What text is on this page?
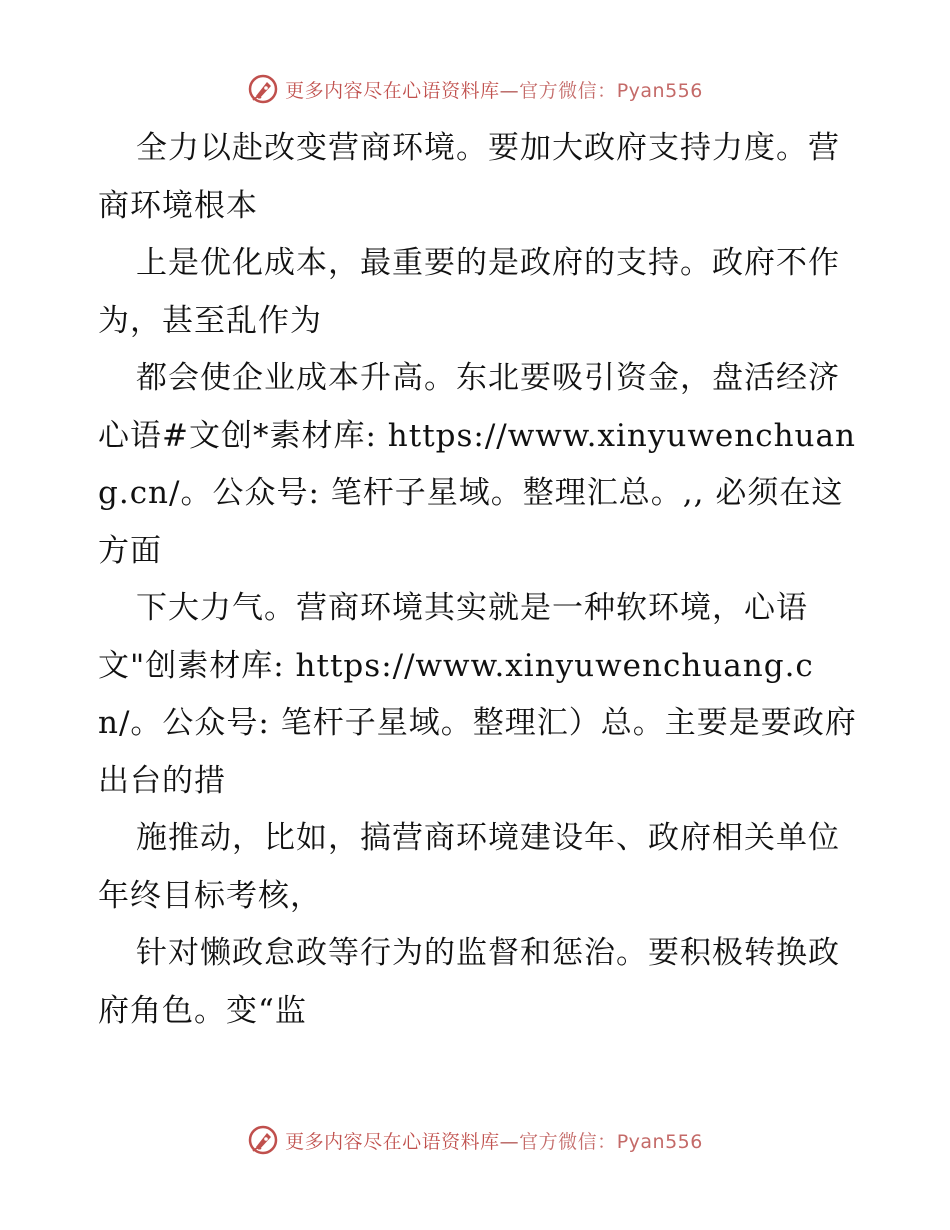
更多内容尽在心语资料库—官方微信：Pyan556

全力以赴改变营商环境。要加大政府支持力度。营商环境根本

上是优化成本，最重要的是政府的支持。政府不作为，甚至乱作为

都会使企业成本升高。东北要吸引资金，盘活经济心语#文创*素材库: https://www.xinyuwenchuang.cn/。公众号: 笔杆子星域。整理汇总。,, 必须在这方面

下大力气。营商环境其实就是一种软环境，心语文"创素材库: https://www.xinyuwenchuang.cn/。公众号: 笔杆子星域。整理汇）总。主要是要政府出台的措

施推动，比如，搞营商环境建设年、政府相关单位年终目标考核，

针对懒政怠政等行为的监督和惩治。要积极转换政府角色。变“监

更多内容尽在心语资料库—官方微信：Pyan556
